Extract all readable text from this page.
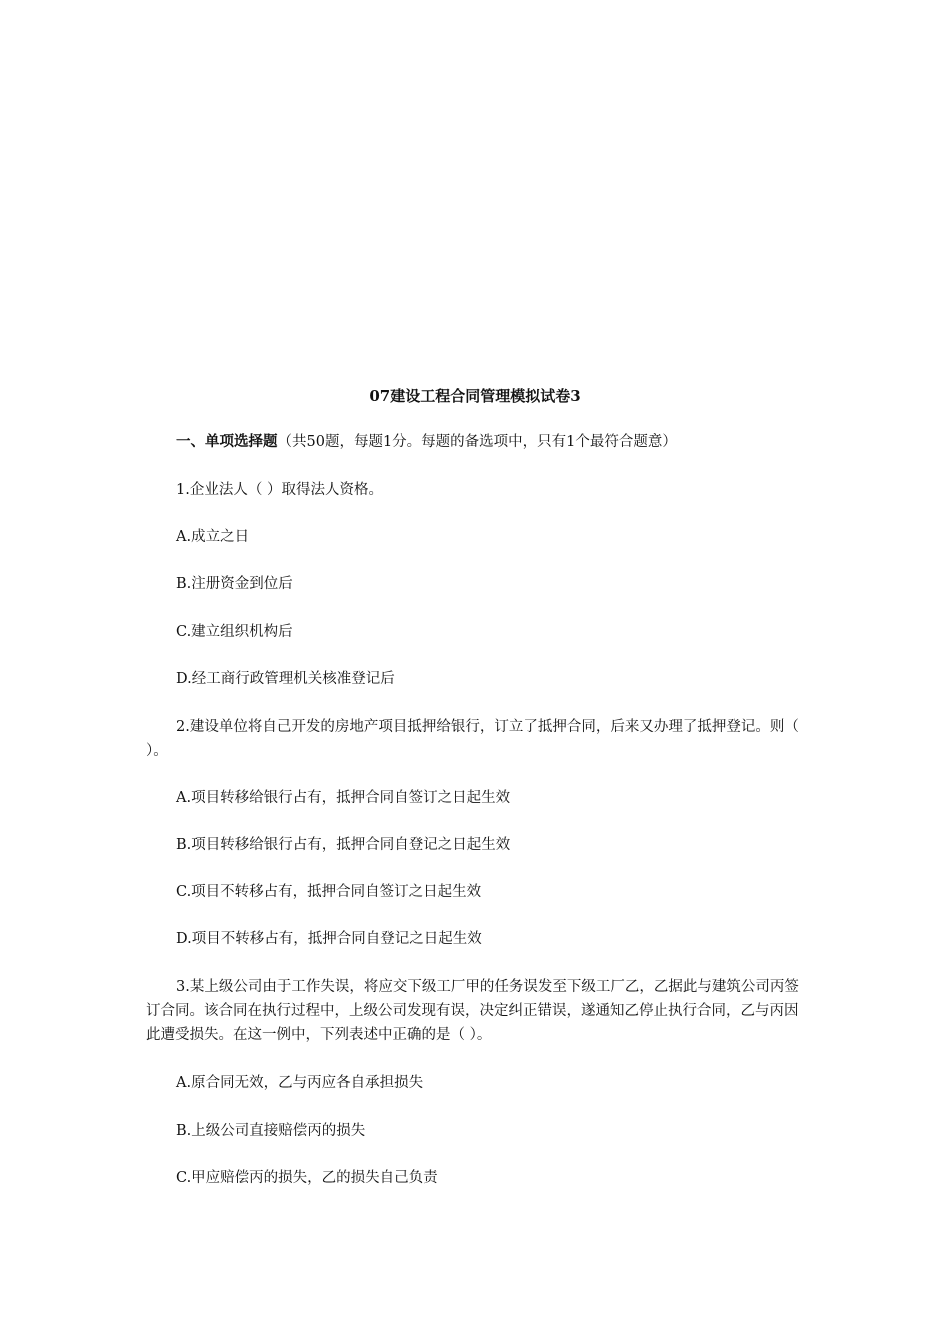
07建设工程合同管理模拟试卷3
一、单项选择题（共50题，每题1分。每题的备选项中，只有1个最符合题意）
1.企业法人（ ）取得法人资格。
A.成立之日
B.注册资金到位后
C.建立组织机构后
D.经工商行政管理机关核准登记后
2.建设单位将自己开发的房地产项目抵押给银行，订立了抵押合同，后来又办理了抵押登记。则（ ）。
A.项目转移给银行占有，抵押合同自签订之日起生效
B.项目转移给银行占有，抵押合同自登记之日起生效
C.项目不转移占有，抵押合同自签订之日起生效
D.项目不转移占有，抵押合同自登记之日起生效
3.某上级公司由于工作失误，将应交下级工厂甲的任务误发至下级工厂乙，乙据此与建筑公司丙签订合同。该合同在执行过程中，上级公司发现有误，决定纠正错误，遂通知乙停止执行合同，乙与丙因此遭受损失。在这一例中，下列表述中正确的是（ ）。
A.原合同无效，乙与丙应各自承担损失
B.上级公司直接赔偿丙的损失
C.甲应赔偿丙的损失，乙的损失自己负责
